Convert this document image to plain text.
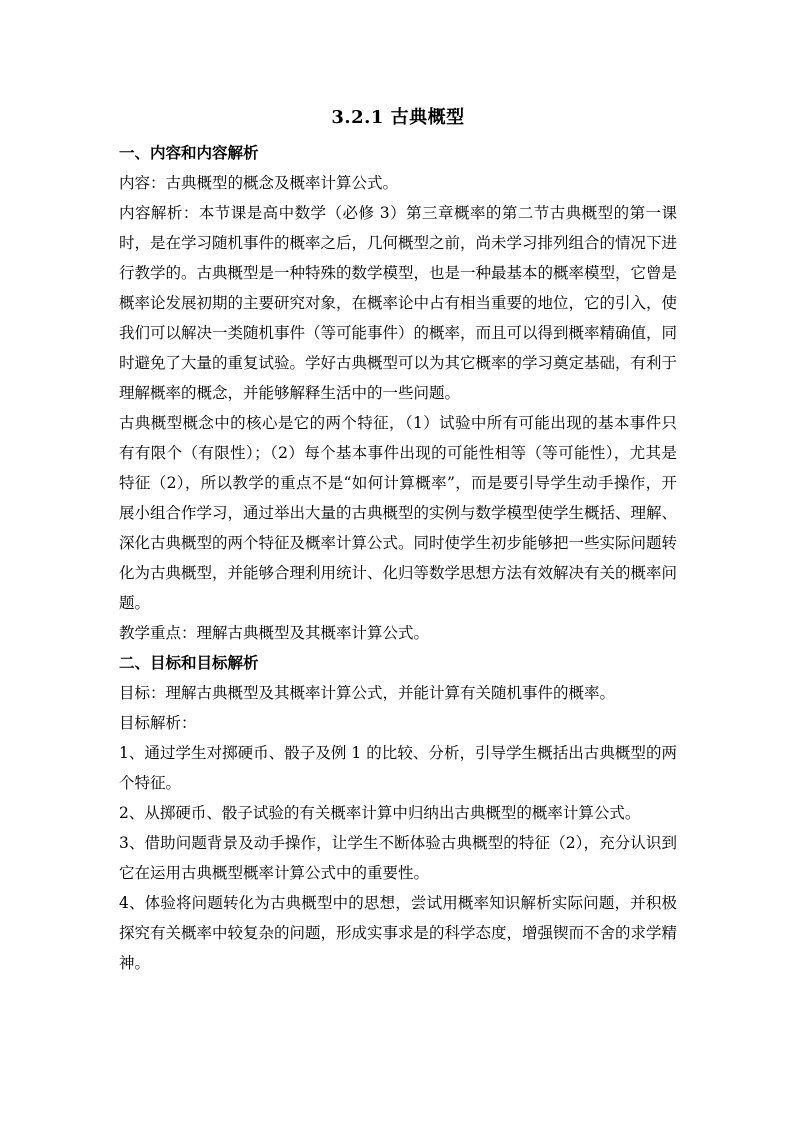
3.2.1 古典概型

一、内容和内容解析

内容：古典概型的概念及概率计算公式。

内容解析：本节课是高中数学（必修 3）第三章概率的第二节古典概型的第一课时，是在学习随机事件的概率之后，几何概型之前，尚未学习排列组合的情况下进行教学的。古典概型是一种特殊的数学模型，也是一种最基本的概率模型，它曾是概率论发展初期的主要研究对象，在概率论中占有相当重要的地位，它的引入，使我们可以解决一类随机事件（等可能事件）的概率，而且可以得到概率精确值，同时避免了大量的重复试验。学好古典概型可以为其它概率的学习奠定基础，有利于理解概率的概念，并能够解释生活中的一些问题。

古典概型概念中的核心是它的两个特征，（1）试验中所有可能出现的基本事件只有有限个（有限性）；（2）每个基本事件出现的可能性相等（等可能性），尤其是特征（2），所以教学的重点不是“如何计算概率”，而是要引导学生动手操作，开展小组合作学习，通过举出大量的古典概型的实例与数学模型使学生概括、理解、深化古典概型的两个特征及概率计算公式。同时使学生初步能够把一些实际问题转化为古典概型，并能够合理利用统计、化归等数学思想方法有效解决有关的概率问题。

教学重点：理解古典概型及其概率计算公式。

二、目标和目标解析

目标：理解古典概型及其概率计算公式，并能计算有关随机事件的概率。

目标解析：

1、通过学生对掷硬币、骰子及例 1 的比较、分析，引导学生概括出古典概型的两个特征。

2、从掷硬币、骰子试验的有关概率计算中归纳出古典概型的概率计算公式。

3、借助问题背景及动手操作，让学生不断体验古典概型的特征（2），充分认识到它在运用古典概型概率计算公式中的重要性。

4、体验将问题转化为古典概型中的思想，尝试用概率知识解析实际问题，并积极探究有关概率中较复杂的问题，形成实事求是的科学态度，增强锲而不舍的求学精神。
